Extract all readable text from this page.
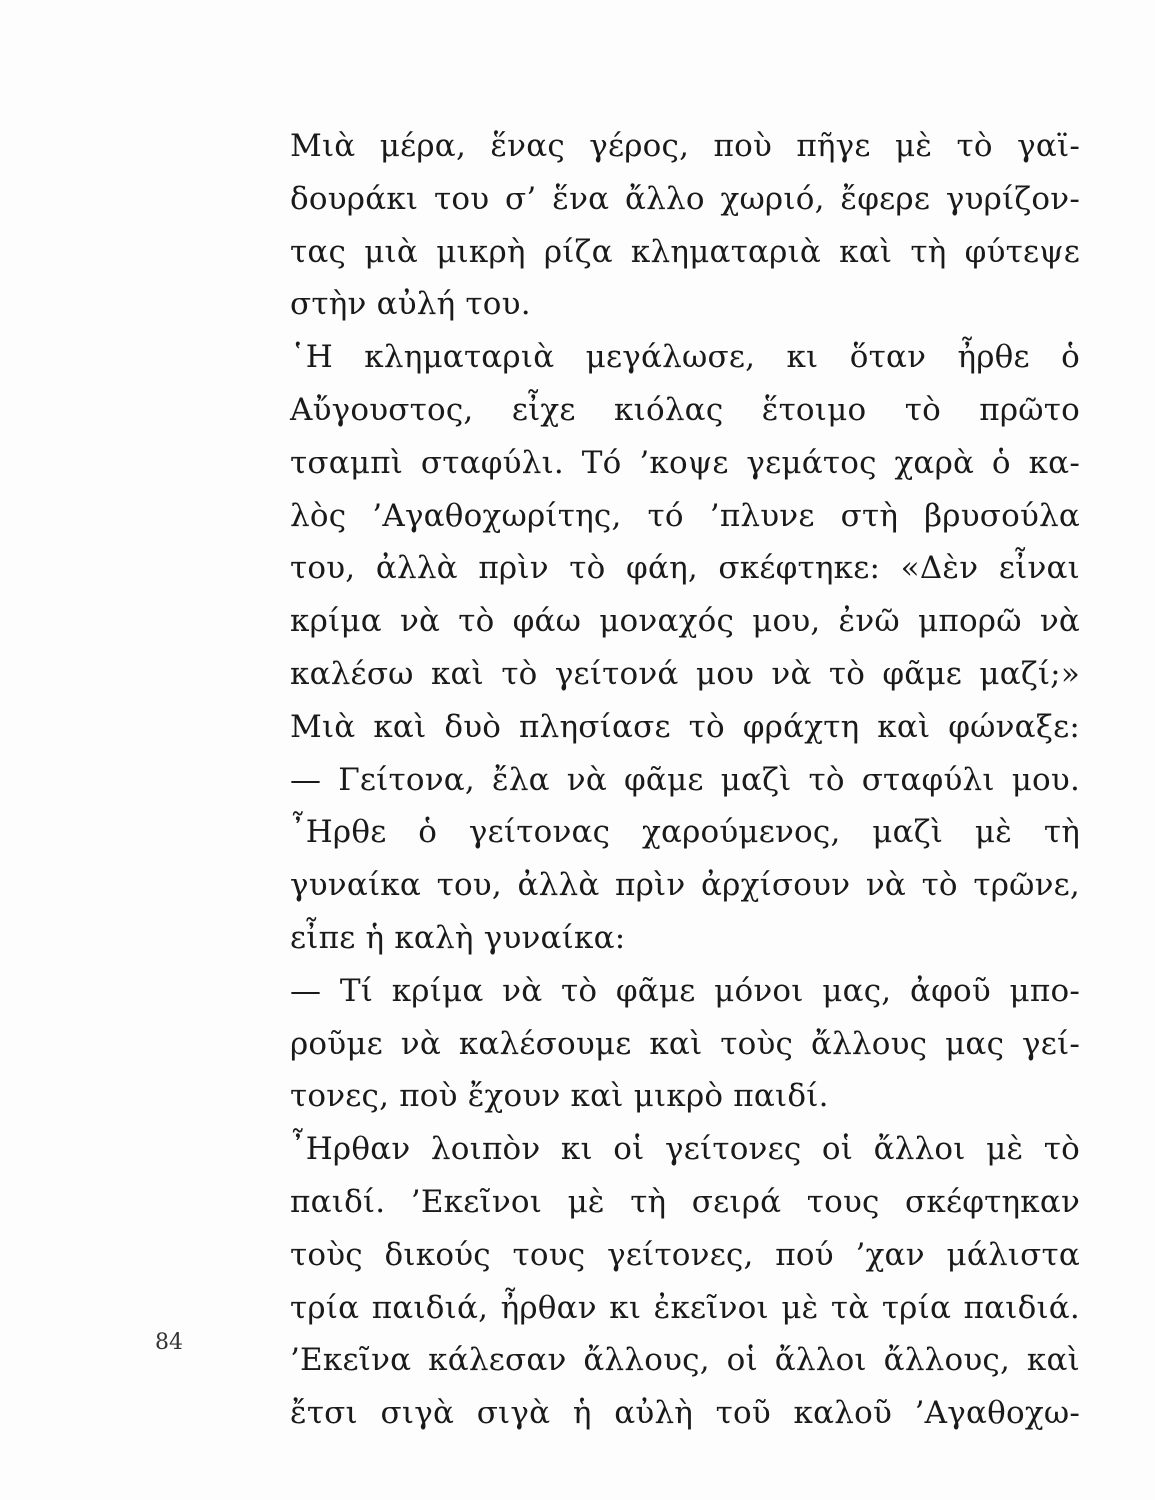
Μιὰ μέρα, ἕνας γέρος, ποὺ πῆγε μὲ τὸ γαϊ-
δουράκι του σ’ ἕνα ἄλλο χωριό, ἔφερε γυρίζον-
τας μιὰ μικρὴ ρίζα κληματαριὰ καὶ τὴ φύτεψε
στὴν αὐλή του.
῾Η κληματαριὰ μεγάλωσε, κι ὅταν ἦρθε ὁ
Αὔγουστος, εἶχε κιόλας ἕτοιμο τὸ πρῶτο
τσαμπὶ σταφύλι. Τό ’κοψε γεμάτος χαρὰ ὁ κα-
λὸς ’Αγαθοχωρίτης, τό ’πλυνε στὴ βρυσούλα
του, ἀλλὰ πρὶν τὸ φάη, σκέφτηκε: «Δὲν εἶναι
κρίμα νὰ τὸ φάω μοναχός μου, ἐνῶ μπορῶ νὰ
καλέσω καὶ τὸ γείτονά μου νὰ τὸ φᾶμε μαζί;»
Μιὰ καὶ δυὸ πλησίασε τὸ φράχτη καὶ φώναξε:
— Γείτονα, ἔλα νὰ φᾶμε μαζὶ τὸ σταφύλι μου.
῏Ηρθε ὁ γείτονας χαρούμενος, μαζὶ μὲ τὴ
γυναίκα του, ἀλλὰ πρὶν ἀρχίσουν νὰ τὸ τρῶνε,
εἶπε ἡ καλὴ γυναίκα:
— Τί κρίμα νὰ τὸ φᾶμε μόνοι μας, ἀφοῦ μπο-
ροῦμε νὰ καλέσουμε καὶ τοὺς ἄλλους μας γεί-
τονες, ποὺ ἔχουν καὶ μικρὸ παιδί.
῏Ηρθαν λοιπὸν κι οἱ γείτονες οἱ ἄλλοι μὲ τὸ
παιδί. ’Εκεῖνοι μὲ τὴ σειρά τους σκέφτηκαν
τοὺς δικούς τους γείτονες, πού ’χαν μάλιστα
τρία παιδιά, ἦρθαν κι ἐκεῖνοι μὲ τὰ τρία παιδιά.
’Εκεῖνα κάλεσαν ἄλλους, οἱ ἄλλοι ἄλλους, καὶ
ἔτσι σιγὰ σιγὰ ἡ αὐλὴ τοῦ καλοῦ ’Αγαθοχω-
84
